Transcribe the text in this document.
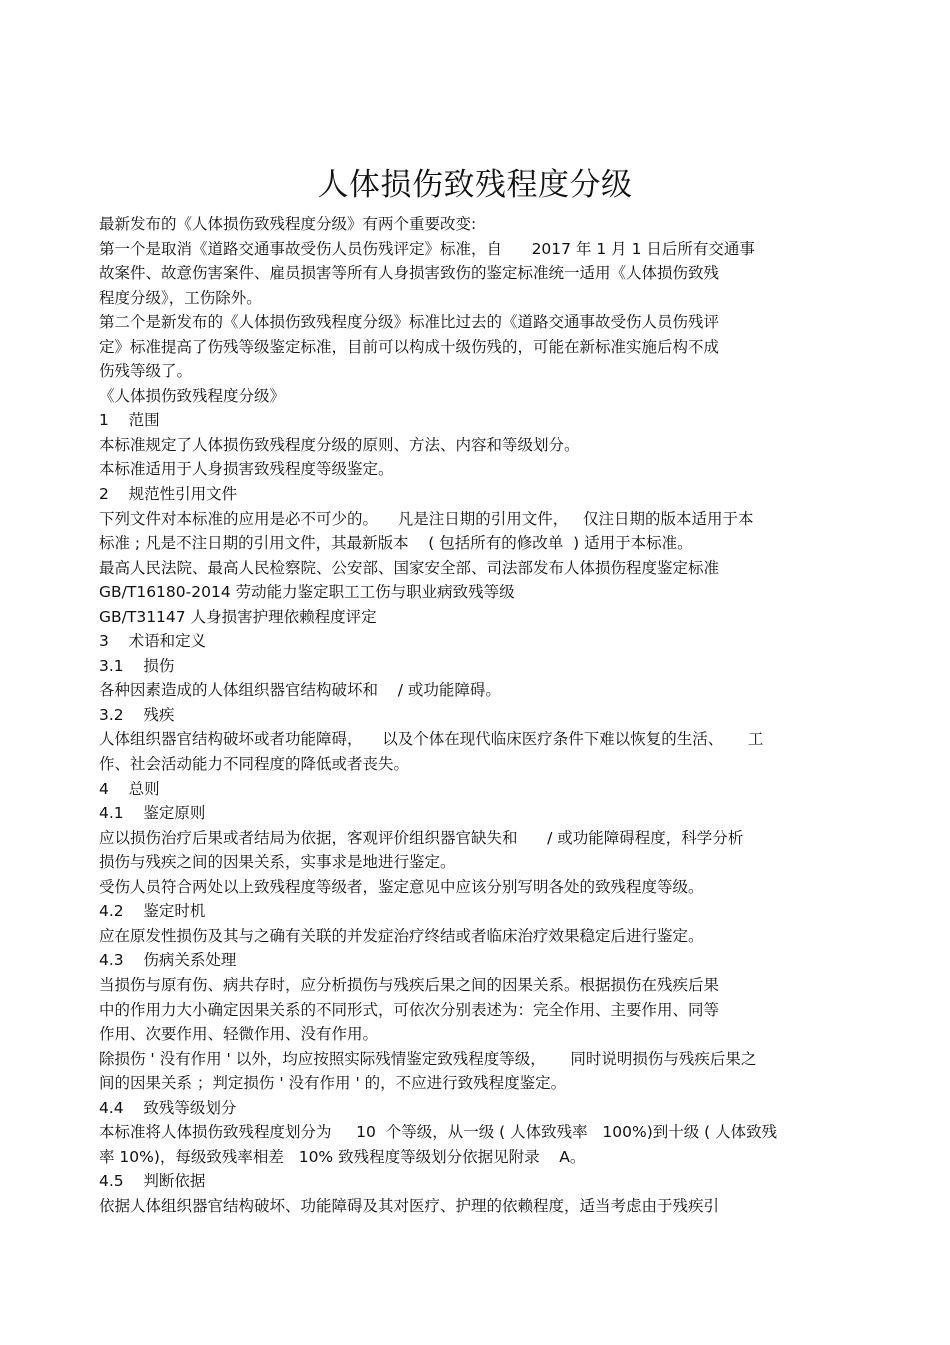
人体损伤致残程度分级
最新发布的《人体损伤致残程度分级》有两个重要改变:
第一个是取消《道路交通事故受伤人员伤残评定》标准，自      2017 年 1 月 1 日后所有交通事
故案件、故意伤害案件、雇员损害等所有人身损害致伤的鉴定标准统一适用《人体损伤致残
程度分级》，工伤除外。
第二个是新发布的《人体损伤致残程度分级》标准比过去的《道路交通事故受伤人员伤残评
定》标准提高了伤残等级鉴定标准，目前可以构成十级伤残的，可能在新标准实施后构不成
伤残等级了。
《人体损伤致残程度分级》
1    范围
本标准规定了人体损伤致残程度分级的原则、方法、内容和等级划分。
本标准适用于人身损害致残程度等级鉴定。
2    规范性引用文件
下列文件对本标准的应用是必不可少的。    凡是注日期的引用文件，   仅注日期的版本适用于本
标准 ; 凡是不注日期的引用文件，其最新版本    ( 包括所有的修改单  ) 适用于本标准。
最高人民法院、最高人民检察院、公安部、国家安全部、司法部发布人体损伤程度鉴定标准
GB/T16180-2014 劳动能力鉴定职工工伤与职业病致残等级
GB/T31147 人身损害护理依赖程度评定
3    术语和定义
3.1    损伤
各种因素造成的人体组织器官结构破坏和    / 或功能障碍。
3.2    残疾
人体组织器官结构破坏或者功能障碍，    以及个体在现代临床医疗条件下难以恢复的生活、     工
作、社会活动能力不同程度的降低或者丧失。
4    总则
4.1    鉴定原则
应以损伤治疗后果或者结局为依据，客观评价组织器官缺失和      / 或功能障碍程度，科学分析
损伤与残疾之间的因果关系，实事求是地进行鉴定。
受伤人员符合两处以上致残程度等级者，鉴定意见中应该分别写明各处的致残程度等级。
4.2    鉴定时机
应在原发性损伤及其与之确有关联的并发症治疗终结或者临床治疗效果稳定后进行鉴定。
4.3    伤病关系处理
当损伤与原有伤、病共存时，应分析损伤与残疾后果之间的因果关系。根据损伤在残疾后果
中的作用力大小确定因果关系的不同形式，可依次分别表述为：完全作用、主要作用、同等
作用、次要作用、轻微作用、没有作用。
除损伤 ' 没有作用 ' 以外，均应按照实际残情鉴定致残程度等级，     同时说明损伤与残疾后果之
间的因果关系 ；判定损伤 ' 没有作用 ' 的，不应进行致残程度鉴定。
4.4    致残等级划分
本标准将人体损伤致残程度划分为     10  个等级，从一级 ( 人体致残率   100%)到十级 ( 人体致残
率 10%)，每级致残率相差   10% 致残程度等级划分依据见附录    A。
4.5    判断依据
依据人体组织器官结构破坏、功能障碍及其对医疗、护理的依赖程度，适当考虑由于残疾引
